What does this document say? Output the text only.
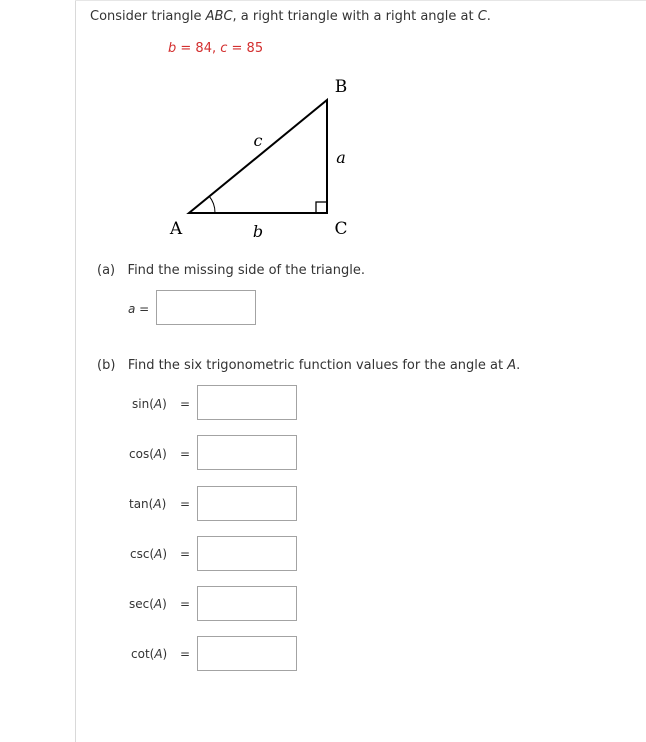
Consider triangle ABC, a right triangle with a right angle at C.
b = 84, c = 85
B
c
a
A	b	C
(a) Find the missing side of the triangle.
a =
(b) Find the six trigonometric function values for the angle at A.
sin(A) =
cos(A) =
tan(A) =
csc(A) =
sec(A) =
cot(A) =
